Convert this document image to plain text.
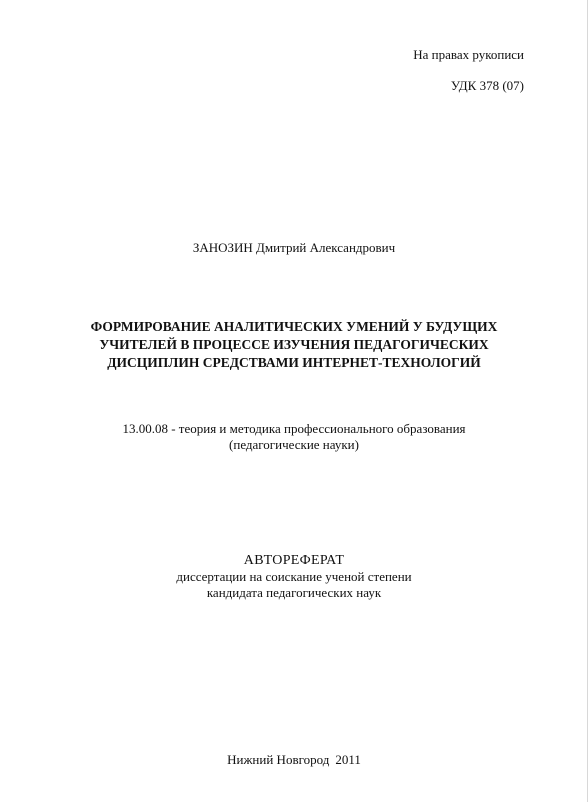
На правах рукописи
УДК 378 (07)
ЗАНОЗИН Дмитрий Александрович
ФОРМИРОВАНИЕ АНАЛИТИЧЕСКИХ УМЕНИЙ У БУДУЩИХ
УЧИТЕЛЕЙ В ПРОЦЕССЕ ИЗУЧЕНИЯ ПЕДАГОГИЧЕСКИХ
ДИСЦИПЛИН СРЕДСТВАМИ ИНТЕРНЕТ-ТЕХНОЛОГИЙ
13.00.08 - теория и методика профессионального образования
(педагогические науки)
АВТОРЕФЕРАТ
диссертации на соискание ученой степени
кандидата педагогических наук
Нижний Новгород 2011
